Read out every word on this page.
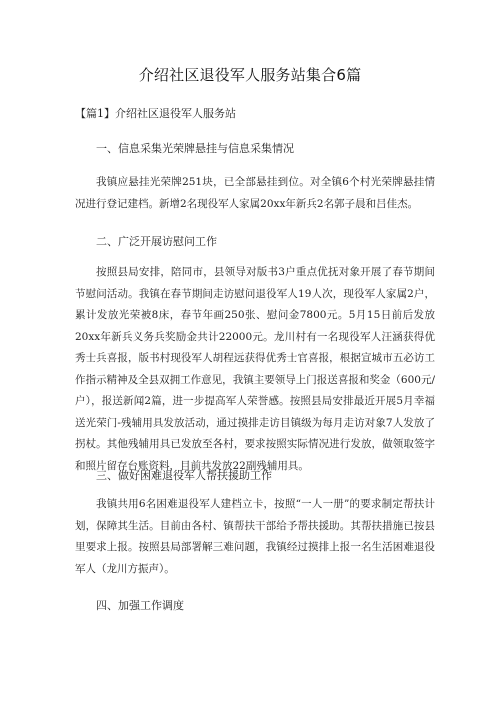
介绍社区退役军人服务站集合6篇
【篇1】介绍社区退役军人服务站
一、信息采集光荣牌悬挂与信息采集情况

我镇应悬挂光荣牌251块，已全部悬挂到位。对全镇6个村光荣牌悬挂情况进行登记建档。新增2名现役军人家属20xx年新兵2名郭子晨和吕佳杰。

二、广泛开展访慰问工作

按照县局安排，陪同市，县领导对版书3户重点优抚对象开展了春节期间节慰问活动。我镇在春节期间走访慰问退役军人19人次，现役军人家属2户，累计发放光荣被8床，春节年画250张、慰问金7800元。5月15日前后发放20xx年新兵义务兵奖励金共计22000元。龙川村有一名现役军人汪涵获得优秀士兵喜报，版书村现役军人胡程远获得优秀士官喜报，根据宣城市五必访工作指示精神及全县双拥工作意见，我镇主要领导上门报送喜报和奖金（600元/户），报送新闻2篇，进一步提高军人荣誉感。按照县局安排最近开展5月幸福送光荣门-残辅用具发放活动，通过摸排走访目镇级为每月走访对象7人发放了拐杖。其他残辅用具已发放至各村，要求按照实际情况进行发放，做领取签字和照片留存台账资料，目前共发放22副残辅用具。

三、做好困难退役军人帮扶援助工作

我镇共用6名困难退役军人建档立卡，按照“一人一册”的要求制定帮扶计划，保障其生活。目前由各村、镇帮扶干部给予帮扶援助。其帮扶措施已按县里要求上报。按照县局部署解三难问题，我镇经过摸排上报一名生活困难退役军人（龙川方振声）。

四、加强工作调度
